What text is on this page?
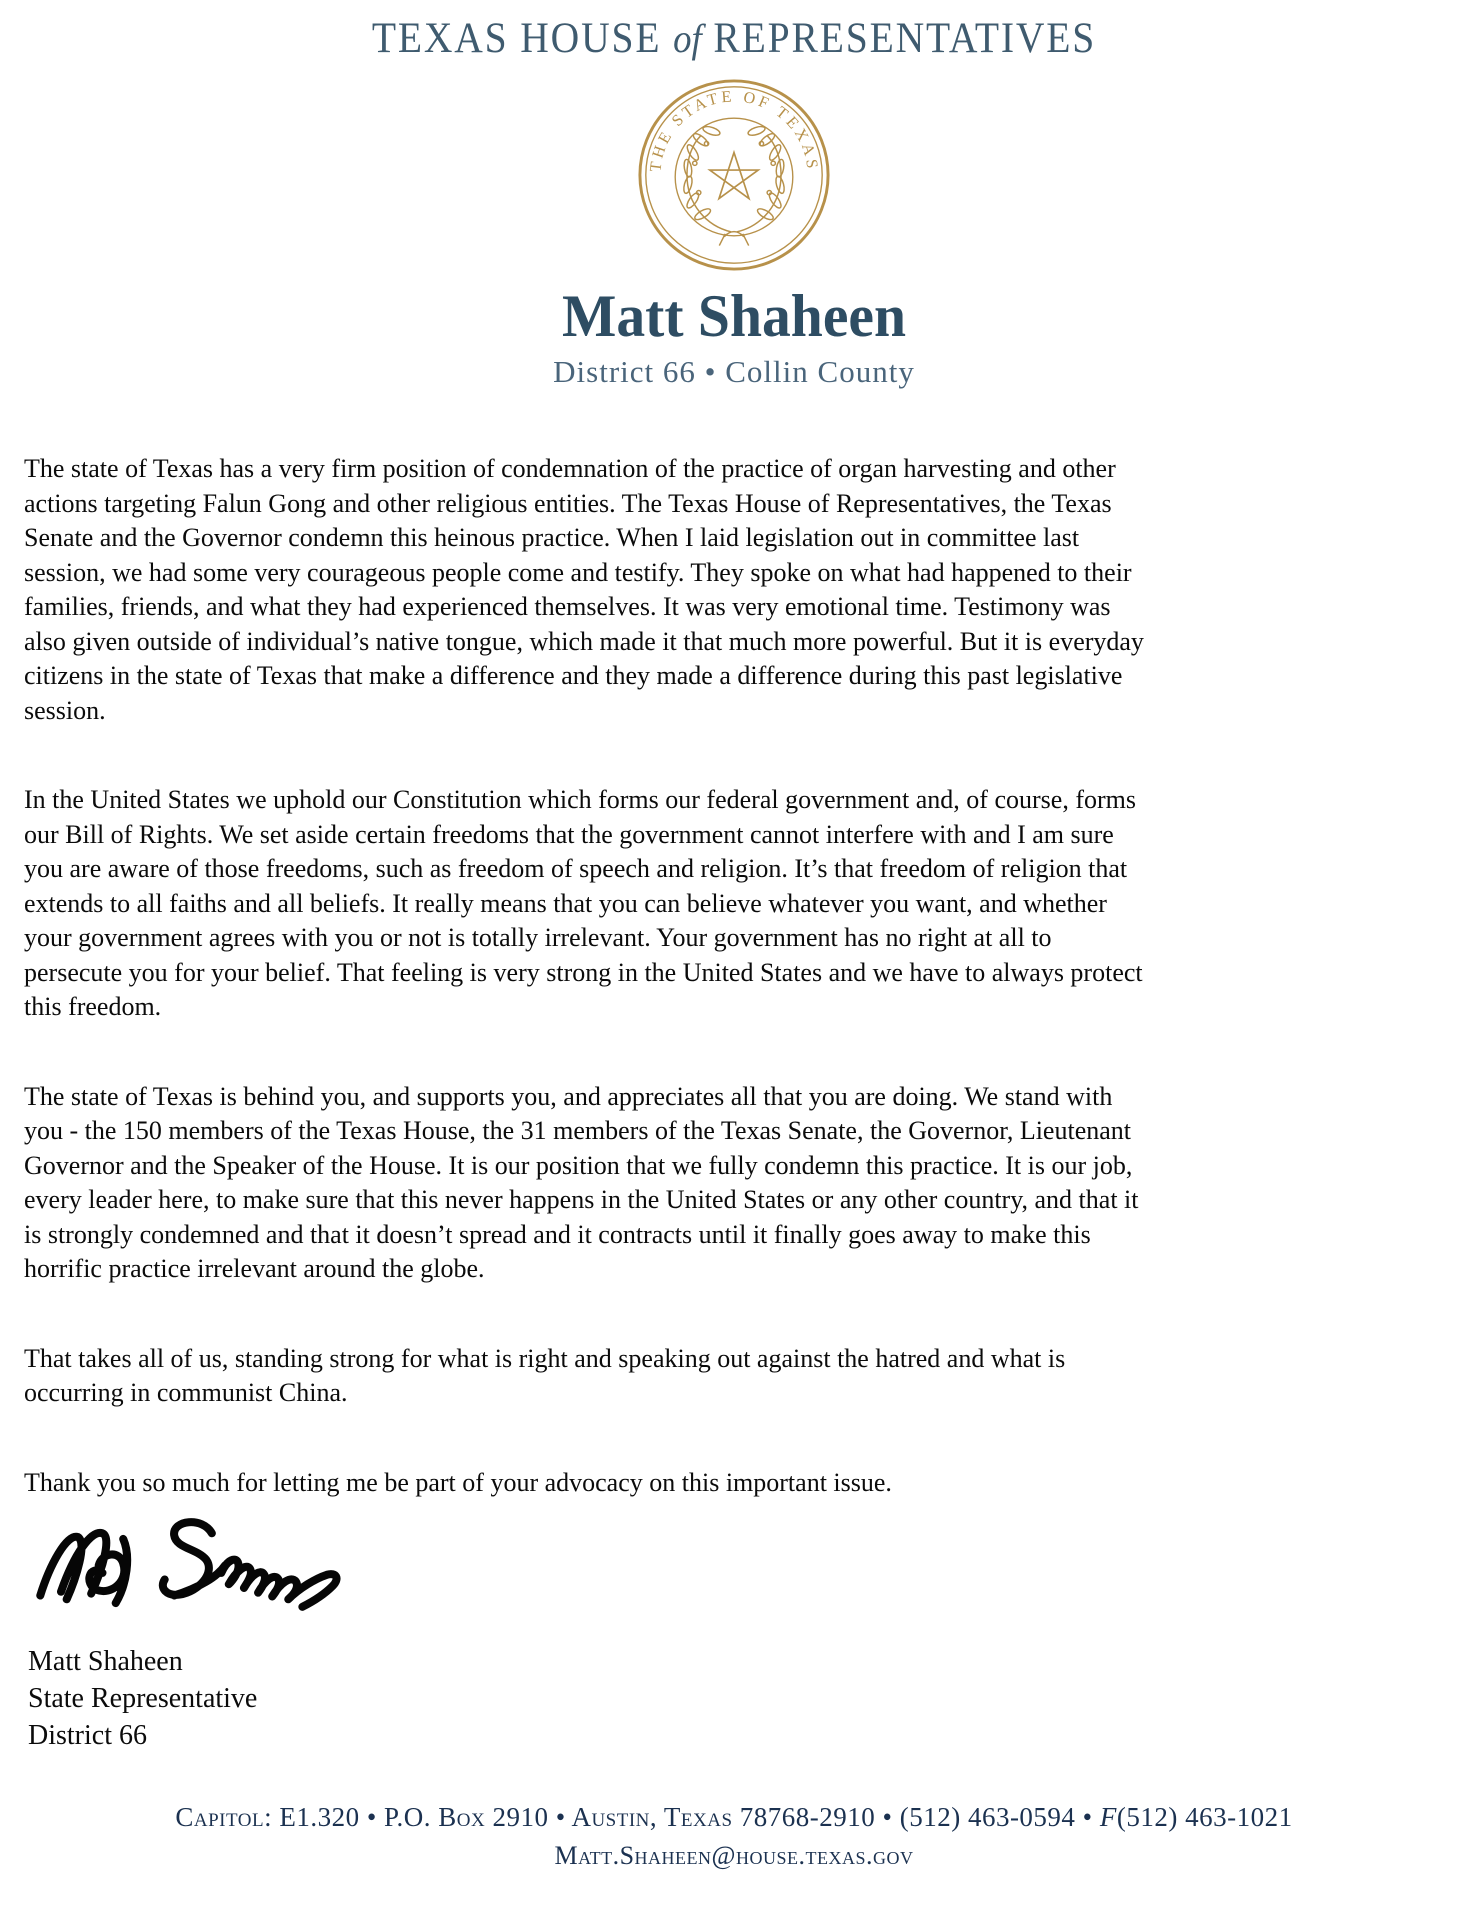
TEXAS HOUSE of REPRESENTATIVES
THE STATE OF TEXAS
Matt Shaheen
District 66 • Collin County

The state of Texas has a very firm position of condemnation of the practice of organ harvesting and other actions targeting Falun Gong and other religious entities. The Texas House of Representatives, the Texas Senate and the Governor condemn this heinous practice. When I laid legislation out in committee last session, we had some very courageous people come and testify. They spoke on what had happened to their families, friends, and what they had experienced themselves. It was very emotional time. Testimony was also given outside of individual’s native tongue, which made it that much more powerful. But it is everyday citizens in the state of Texas that make a difference and they made a difference during this past legislative session.

In the United States we uphold our Constitution which forms our federal government and, of course, forms our Bill of Rights. We set aside certain freedoms that the government cannot interfere with and I am sure you are aware of those freedoms, such as freedom of speech and religion. It’s that freedom of religion that extends to all faiths and all beliefs. It really means that you can believe whatever you want, and whether your government agrees with you or not is totally irrelevant. Your government has no right at all to persecute you for your belief. That feeling is very strong in the United States and we have to always protect this freedom.

The state of Texas is behind you, and supports you, and appreciates all that you are doing. We stand with you - the 150 members of the Texas House, the 31 members of the Texas Senate, the Governor, Lieutenant Governor and the Speaker of the House. It is our position that we fully condemn this practice. It is our job, every leader here, to make sure that this never happens in the United States or any other country, and that it is strongly condemned and that it doesn’t spread and it contracts until it finally goes away to make this horrific practice irrelevant around the globe.

That takes all of us, standing strong for what is right and speaking out against the hatred and what is occurring in communist China.

Thank you so much for letting me be part of your advocacy on this important issue.

Matt Shaheen
State Representative
District 66
Capitol: E1.320 • P.O. Box 2910 • Austin, Texas 78768-2910 • (512) 463-0594 • F(512) 463-1021
Matt.Shaheen@house.texas.gov
